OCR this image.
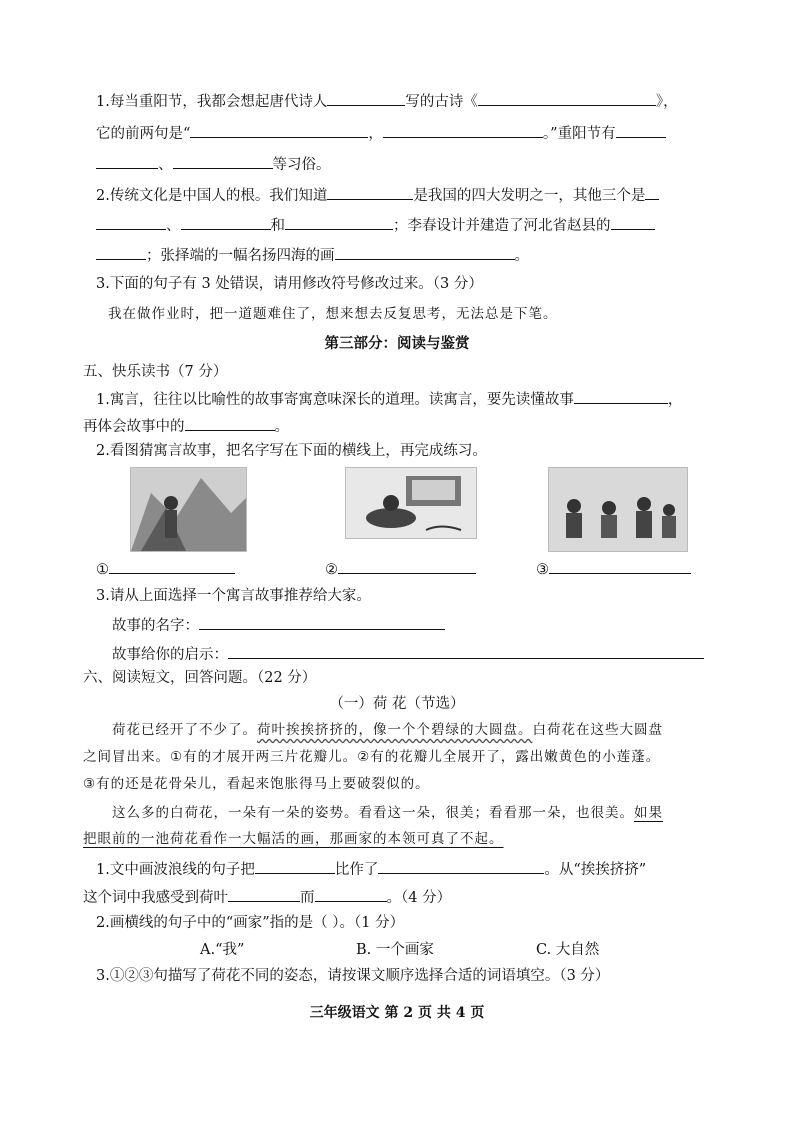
1.每当重阳节，我都会想起唐代诗人	写的古诗《	》，
它的前两句是“	，	。”重阳节有
、	等习俗。
2.传统文化是中国人的根。我们知道	是我国的四大发明之一，其他三个是
、	和	；李春设计并建造了河北省赵县的
；张择端的一幅名扬四海的画	。
3.下面的句子有 3 处错误，请用修改符号修改过来。（3 分）
我在做作业时，把一道题难住了，想来想去反复思考，无法总是下笔。
第三部分：阅读与鉴赏
五、快乐读书（7 分）
1.寓言，往往以比喻性的故事寄寓意味深长的道理。读寓言，要先读懂故事	，
再体会故事中的	。
2.看图猜寓言故事，把名字写在下面的横线上，再完成练习。
①	②	③
3.请从上面选择一个寓言故事推荐给大家。
故事的名字：
故事给你的启示：
六、阅读短文，回答问题。（22 分）
（一）荷 花（节选）
荷花已经开了不少了。荷叶挨挨挤挤的，像一个个碧绿的大圆盘。白荷花在这些大圆盘
之间冒出来。①有的才展开两三片花瓣儿。②有的花瓣儿全展开了，露出嫩黄色的小莲蓬。
③有的还是花骨朵儿，看起来饱胀得马上要破裂似的。
这么多的白荷花，一朵有一朵的姿势。看看这一朵，很美；看看那一朵，也很美。如果
把眼前的一池荷花看作一大幅活的画，那画家的本领可真了不起。
1.文中画波浪线的句子把	比作了	。从“挨挨挤挤”
这个词中我感受到荷叶	而	。（4 分）
2.画横线的句子中的“画家”指的是（ ）。（1 分）
A.“我”	B. 一个画家	C. 大自然
3.①②③句描写了荷花不同的姿态，请按课文顺序选择合适的词语填空。（3 分）
三年级语文 第 2 页 共 4 页
